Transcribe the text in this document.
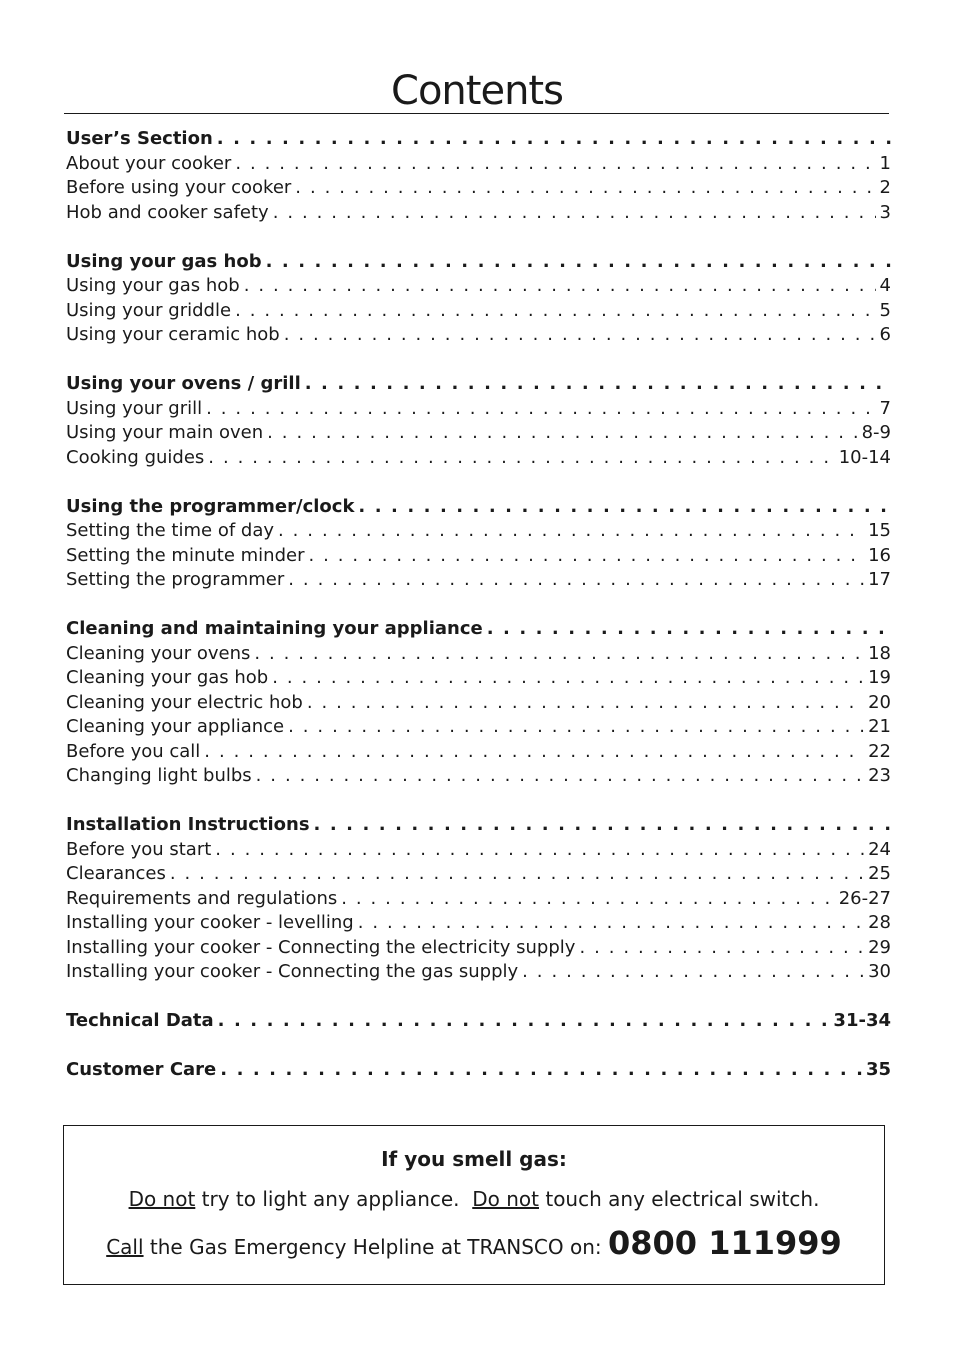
Contents
User’s Section
. . .
About your cooker . . .	1
Before using your cooker . . .	2
Hob and cooker safety . . .	3
Using your gas hob
. . .
Using your gas hob . . .	4
Using your griddle . . .	5
Using your ceramic hob . . .	6
Using your ovens / grill
. . .
Using your grill . . .	7
Using your main oven . . .	8-9
Cooking guides . . .	10-14
Using the programmer/clock
. . .
Setting the time of day . . .	15
Setting the minute minder . . .	16
Setting the programmer . . .	17
Cleaning and maintaining your appliance
. . .
Cleaning your ovens . . .	18
Cleaning your gas hob . . .	19
Cleaning your electric hob . . .	20
Cleaning your appliance . . .	21
Before you call . . .	22
Changing light bulbs . . .	23
Installation Instructions
. . .
Before you start . . .	24
Clearances . . .	25
Requirements and regulations . . .	26-27
Installing your cooker - levelling . . .	28
Installing your cooker - Connecting the electricity supply . . .	29
Installing your cooker - Connecting the gas supply . . .	30
Technical Data . . .	31-34
Customer Care . . .	35
If you smell gas:
Do not try to light any appliance.  Do not touch any electrical switch.
Call the Gas Emergency Helpline at TRANSCO on: 0800 111999
